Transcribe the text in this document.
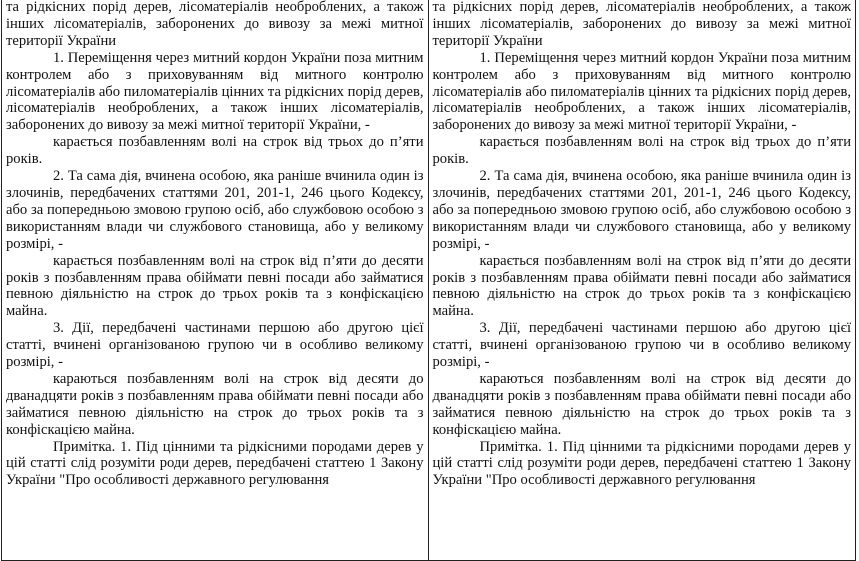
та рідкісних порід дерев, лісоматеріалів необроблених, а також інших лісоматеріалів, заборонених до вивозу за межі митної території України

1. Переміщення через митний кордон України поза митним контролем або з приховуванням від митного контролю лісоматеріалів або пиломатеріалів цінних та рідкісних порід дерев, лісоматеріалів необроблених, а також інших лісоматеріалів, заборонених до вивозу за межі митної території України, -

карається позбавленням волі на строк від трьох до п’яти років.

2. Та сама дія, вчинена особою, яка раніше вчинила один із злочинів, передбачених статтями 201, 201-1, 246 цього Кодексу, або за попередньою змовою групою осіб, або службовою особою з використанням влади чи службового становища, або у великому розмірі, -

карається позбавленням волі на строк від п’яти до десяти років з позбавленням права обіймати певні посади або займатися певною діяльністю на строк до трьох років та з конфіскацією майна.

3. Дії, передбачені частинами першою або другою цієї статті, вчинені організованою групою чи в особливо великому розмірі, -

караються позбавленням волі на строк від десяти до дванадцяти років з позбавленням права обіймати певні посади або займатися певною діяльністю на строк до трьох років та з конфіскацією майна.

Примітка. 1. Під цінними та рідкісними породами дерев у цій статті слід розуміти роди дерев, передбачені статтею 1 Закону України "Про особливості державного регулювання

та рідкісних порід дерев, лісоматеріалів необроблених, а також інших лісоматеріалів, заборонених до вивозу за межі митної території України

1. Переміщення через митний кордон України поза митним контролем або з приховуванням від митного контролю лісоматеріалів або пиломатеріалів цінних та рідкісних порід дерев, лісоматеріалів необроблених, а також інших лісоматеріалів, заборонених до вивозу за межі митної території України, -

карається позбавленням волі на строк від трьох до п’яти років.

2. Та сама дія, вчинена особою, яка раніше вчинила один із злочинів, передбачених статтями 201, 201-1, 246 цього Кодексу, або за попередньою змовою групою осіб, або службовою особою з використанням влади чи службового становища, або у великому розмірі, -

карається позбавленням волі на строк від п’яти до десяти років з позбавленням права обіймати певні посади або займатися певною діяльністю на строк до трьох років та з конфіскацією майна.

3. Дії, передбачені частинами першою або другою цієї статті, вчинені організованою групою чи в особливо великому розмірі, -

караються позбавленням волі на строк від десяти до дванадцяти років з позбавленням права обіймати певні посади або займатися певною діяльністю на строк до трьох років та з конфіскацією майна.

Примітка. 1. Під цінними та рідкісними породами дерев у цій статті слід розуміти роди дерев, передбачені статтею 1 Закону України "Про особливості державного регулювання
